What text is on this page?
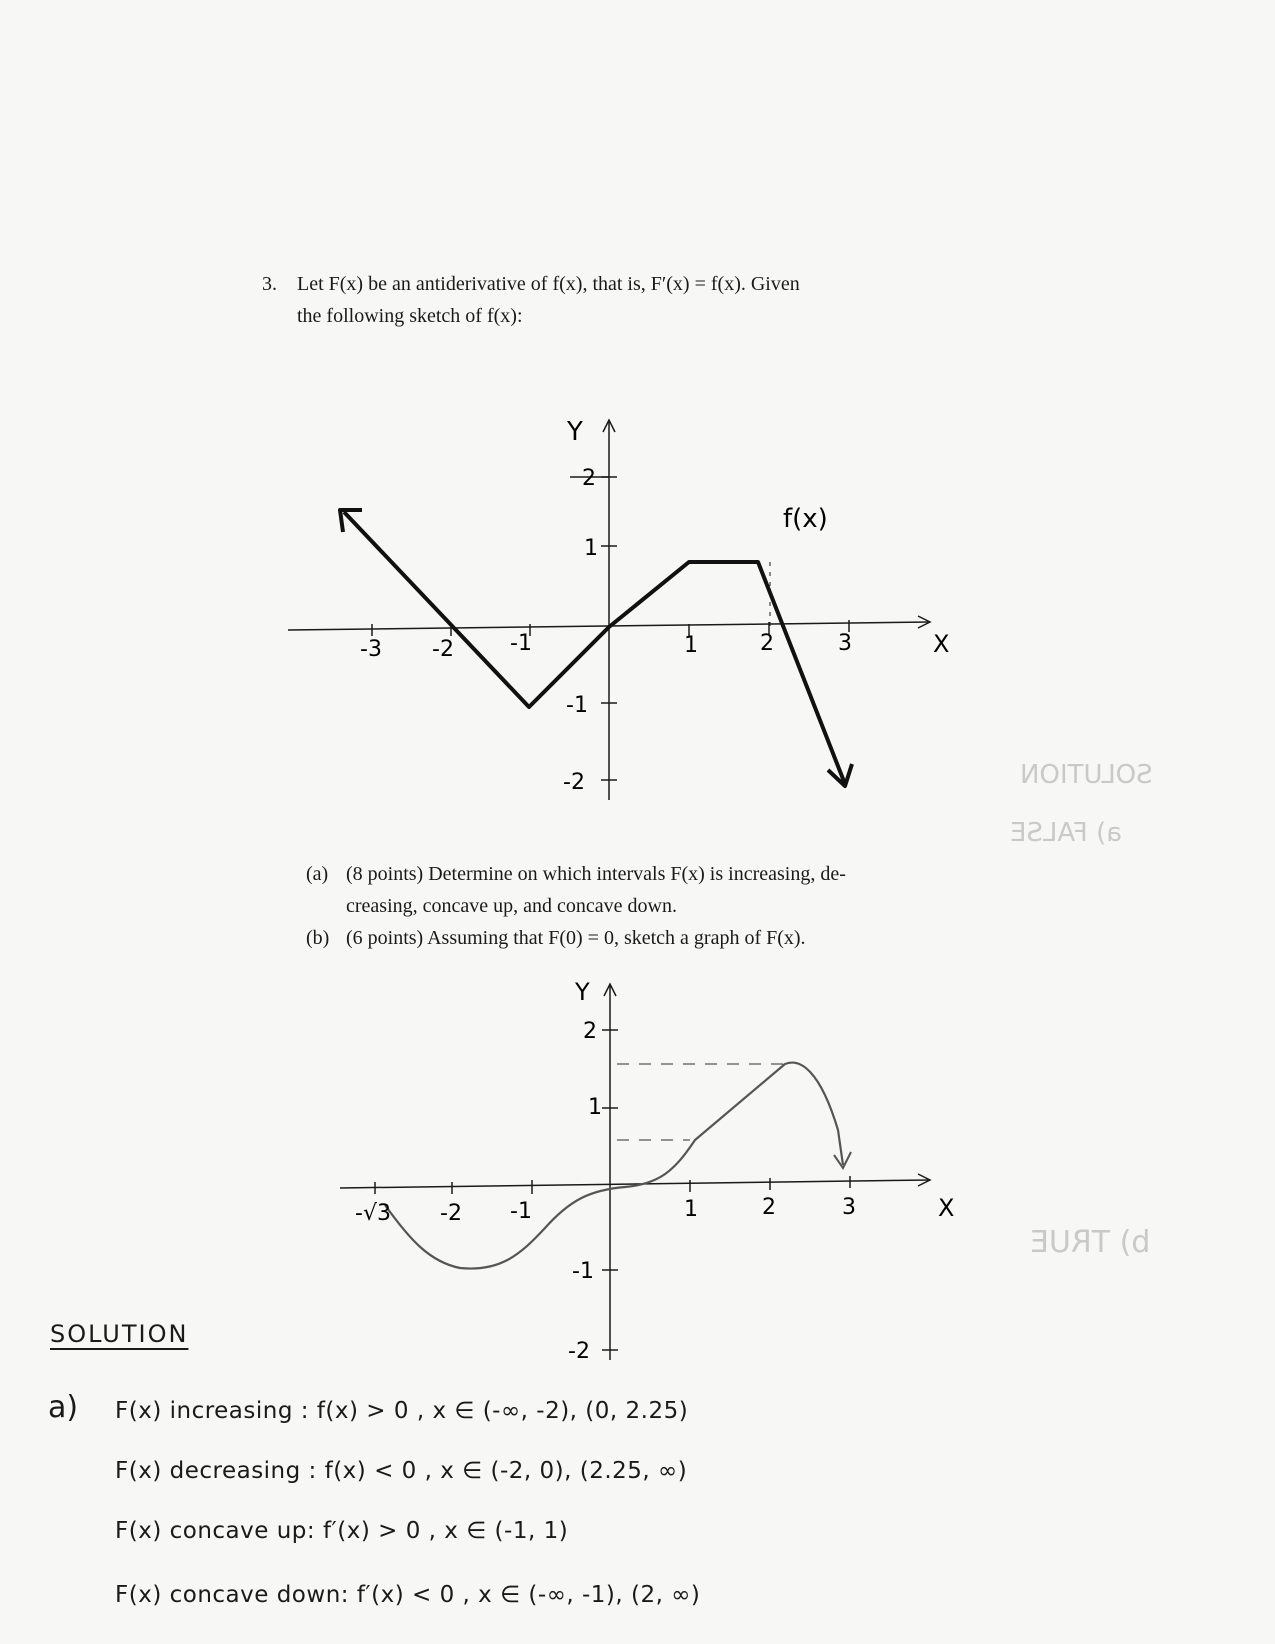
SOLUTION
a) FALSE
b) TRUE
3. Let F(x) be an antiderivative of f(x), that is, F′(x) = f(x). Given
the following sketch of f(x):
Y
X
f(x)
-3 -2	-1	1	2	3
2
1
-1
-2
(a) (8 points) Determine on which intervals F(x) is increasing, de-
creasing, concave up, and concave down.
(b) (6 points) Assuming that F(0) = 0, sketch a graph of F(x).
Y
X
-√3 -2 -1	1	2	3
2
1
-1
-2
SOLUTION
a) F(x) increasing : f(x) > 0 , x ∈ (-∞, -2), (0, 2.25)
F(x) decreasing : f(x) < 0 , x ∈ (-2, 0), (2.25, ∞)
F(x) concave up: f′(x) > 0 , x ∈ (-1, 1)
F(x) concave down: f′(x) < 0 , x ∈ (-∞, -1), (2, ∞)
